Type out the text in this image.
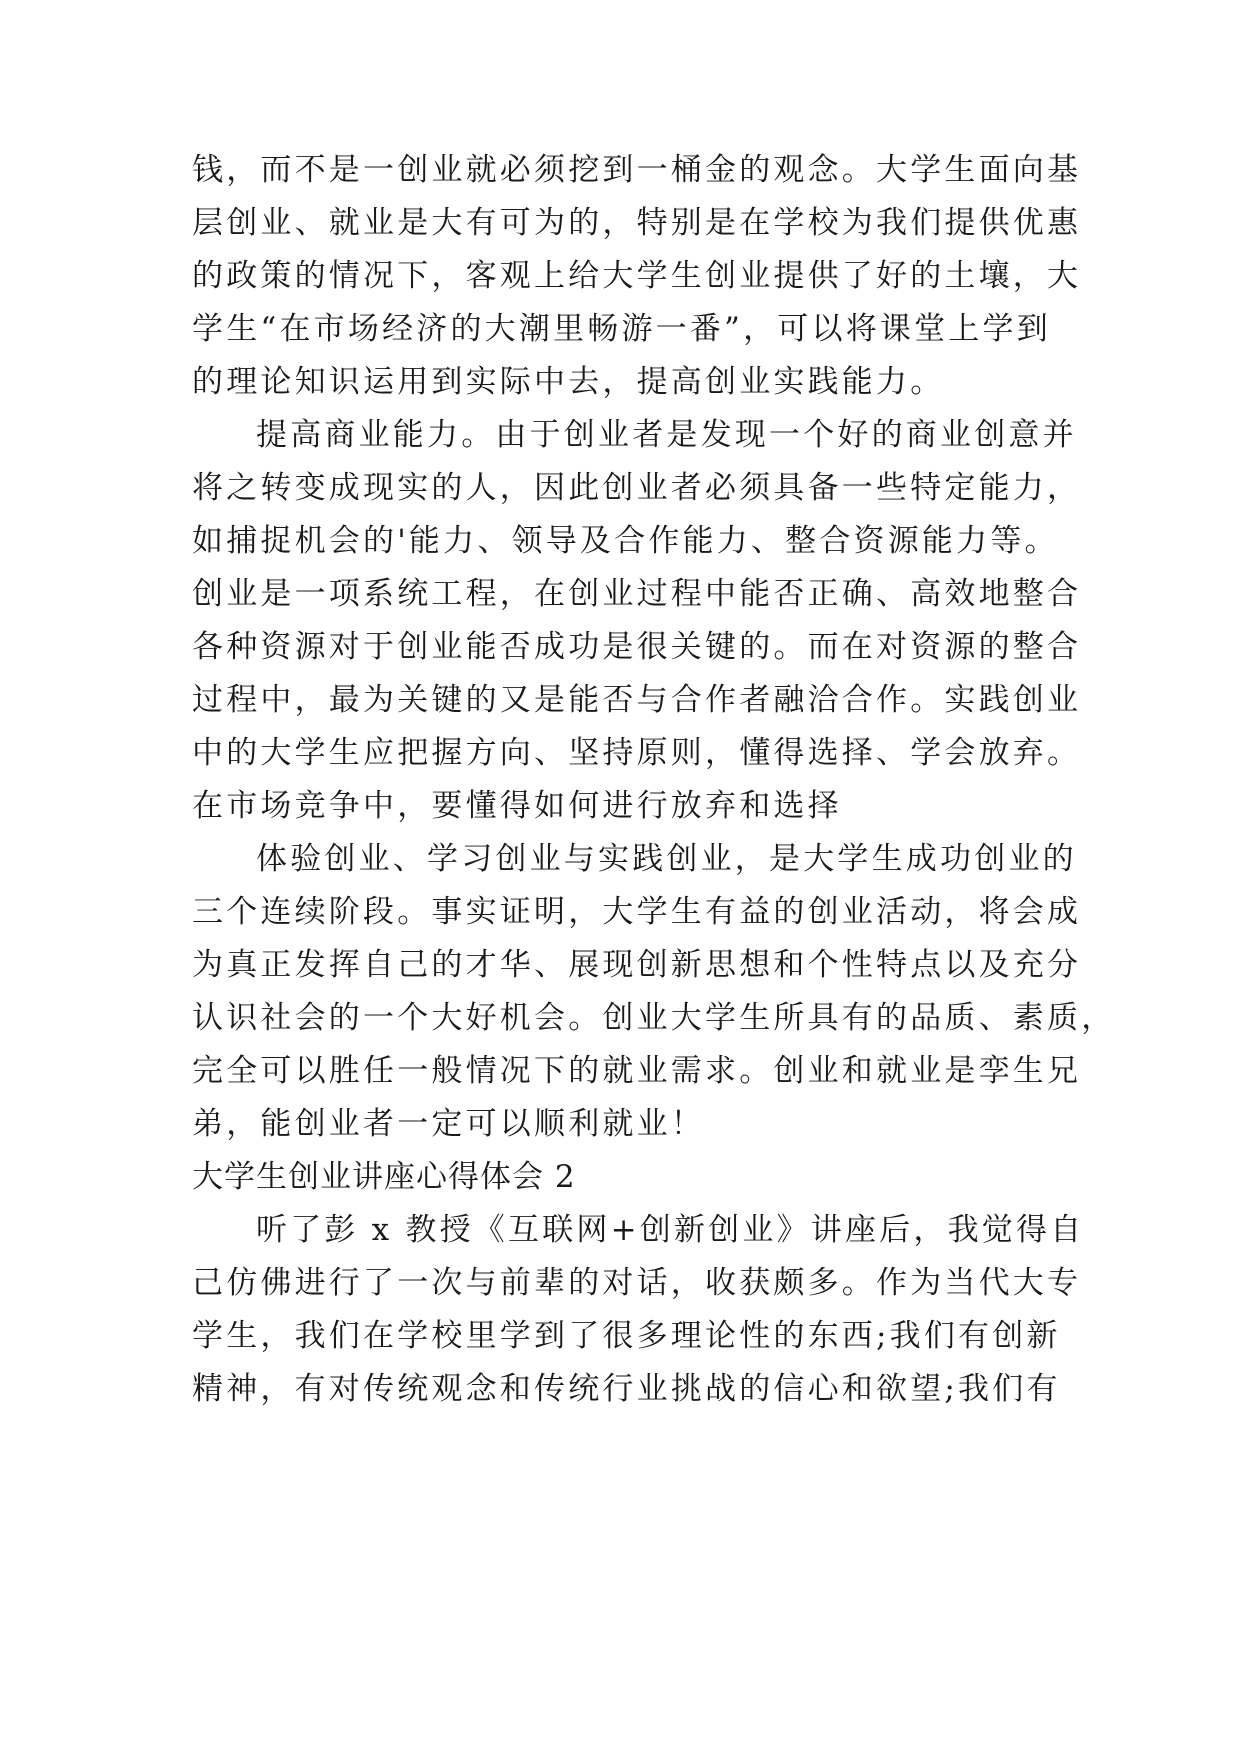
钱，而不是一创业就必须挖到一桶金的观念。大学生面向基

层创业、就业是大有可为的，特别是在学校为我们提供优惠

的政策的情况下，客观上给大学生创业提供了好的土壤，大

学生“在市场经济的大潮里畅游一番”，可以将课堂上学到

的理论知识运用到实际中去，提高创业实践能力。

提高商业能力。由于创业者是发现一个好的商业创意并

将之转变成现实的人，因此创业者必须具备一些特定能力，

如捕捉机会的'能力、领导及合作能力、整合资源能力等。

创业是一项系统工程，在创业过程中能否正确、高效地整合

各种资源对于创业能否成功是很关键的。而在对资源的整合

过程中，最为关键的又是能否与合作者融洽合作。实践创业

中的大学生应把握方向、坚持原则，懂得选择、学会放弃。

在市场竞争中，要懂得如何进行放弃和选择

体验创业、学习创业与实践创业，是大学生成功创业的

三个连续阶段。事实证明，大学生有益的创业活动，将会成

为真正发挥自己的才华、展现创新思想和个性特点以及充分

认识社会的一个大好机会。创业大学生所具有的品质、素质，

完全可以胜任一般情况下的就业需求。创业和就业是孪生兄

弟，能创业者一定可以顺利就业！

大学生创业讲座心得体会 2

听了彭 x 教授《互联网+创新创业》讲座后，我觉得自

己仿佛进行了一次与前辈的对话，收获颇多。作为当代大专

学生，我们在学校里学到了很多理论性的东西;我们有创新

精神，有对传统观念和传统行业挑战的信心和欲望;我们有
